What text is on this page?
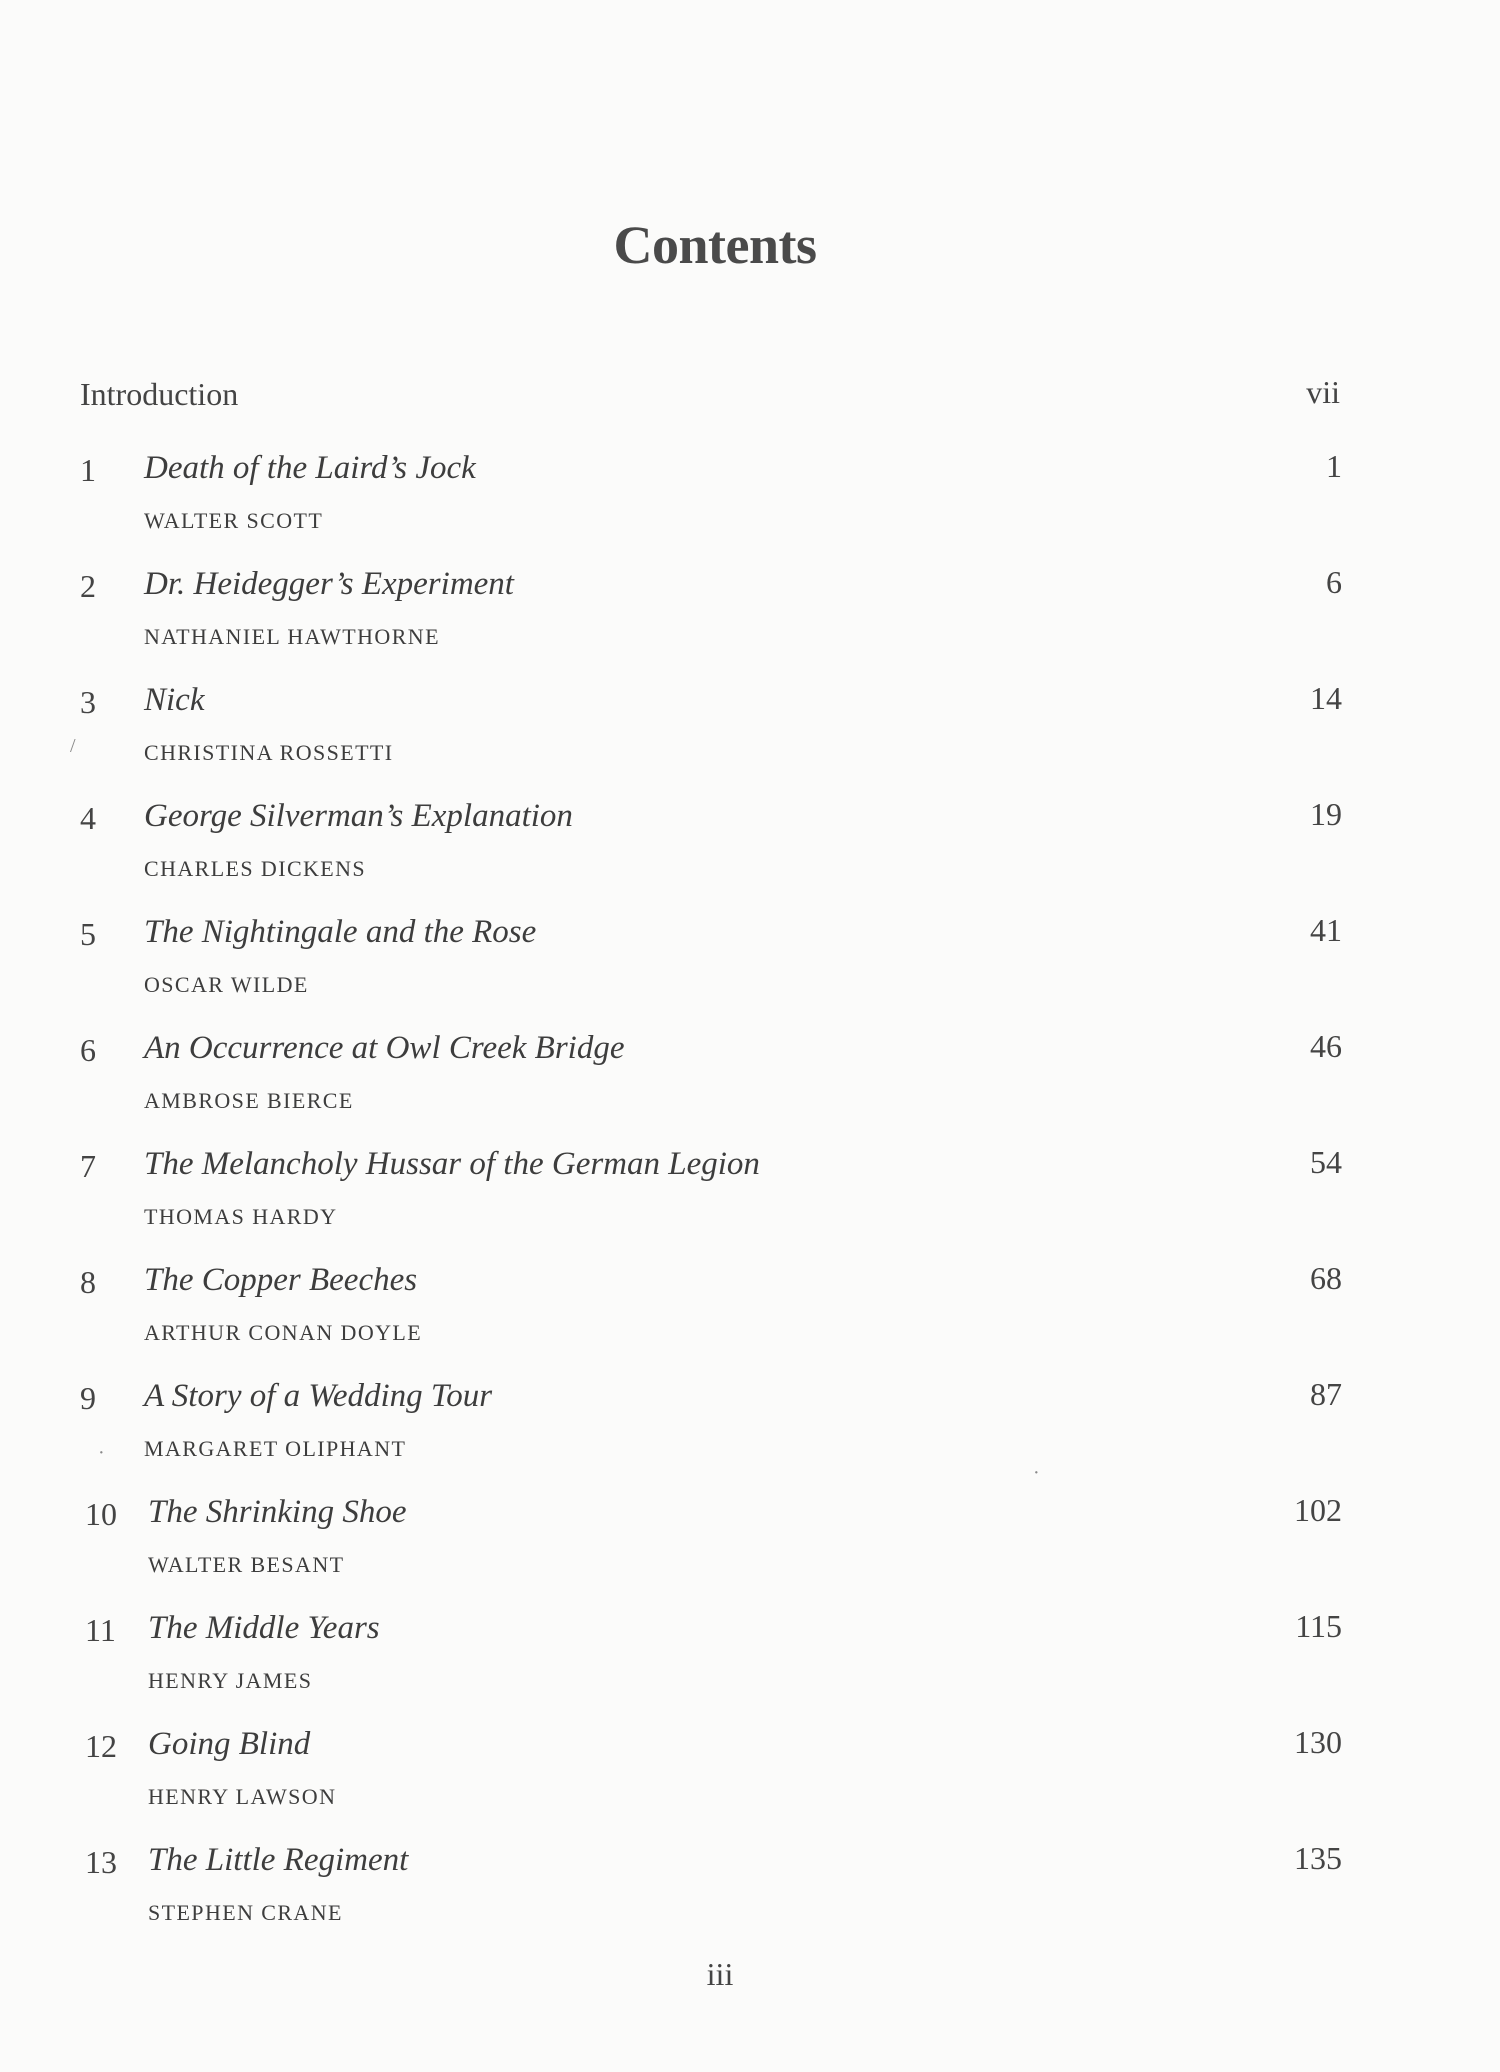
Contents
Introduction	vii
1 Death of the Laird’s Jock
WALTER SCOTT
1
2 Dr. Heidegger’s Experiment
NATHANIEL HAWTHORNE
6
3 Nick
CHRISTINA ROSSETTI
14
4 George Silverman’s Explanation
CHARLES DICKENS
19
5 The Nightingale and the Rose
OSCAR WILDE
41
6 An Occurrence at Owl Creek Bridge
AMBROSE BIERCE
46
7 The Melancholy Hussar of the German Legion
THOMAS HARDY
54
8 The Copper Beeches
ARTHUR CONAN DOYLE
68
9 A Story of a Wedding Tour
MARGARET OLIPHANT
87
10 The Shrinking Shoe
WALTER BESANT
102
11 The Middle Years
HENRY JAMES
115
12 Going Blind
HENRY LAWSON
130
13 The Little Regiment
STEPHEN CRANE
135
iii
/
·
·
